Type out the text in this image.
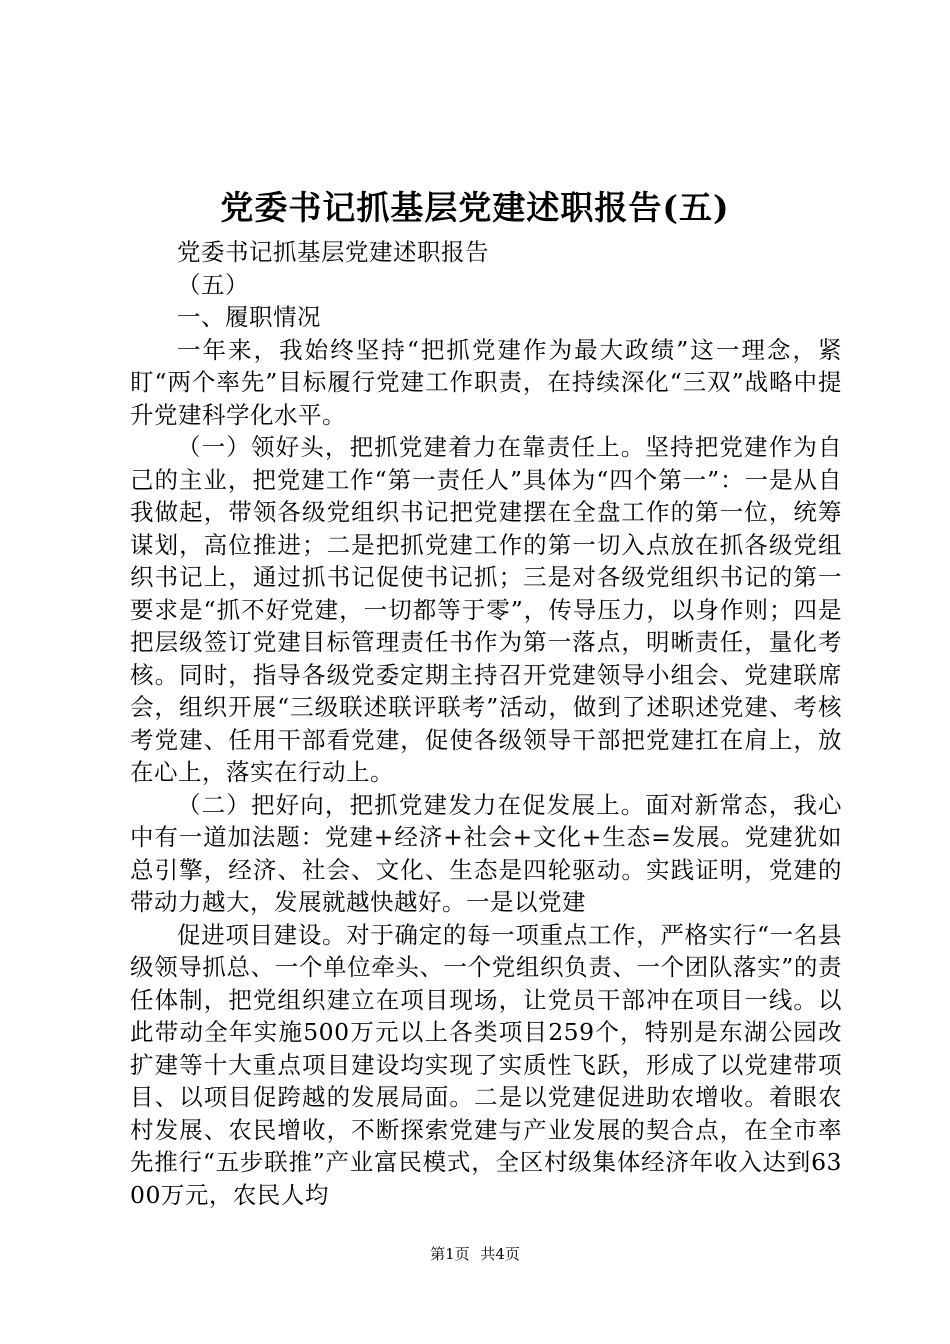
党委书记抓基层党建述职报告(五)

党委书记抓基层党建述职报告

（五）

一、履职情况

一年来，我始终坚持“把抓党建作为最大政绩”这一理念，紧盯“两个率先”目标履行党建工作职责，在持续深化“三双”战略中提升党建科学化水平。

（一）领好头，把抓党建着力在靠责任上。坚持把党建作为自己的主业，把党建工作“第一责任人”具体为“四个第一”：一是从自我做起，带领各级党组织书记把党建摆在全盘工作的第一位，统筹谋划，高位推进；二是把抓党建工作的第一切入点放在抓各级党组织书记上，通过抓书记促使书记抓；三是对各级党组织书记的第一要求是“抓不好党建，一切都等于零”，传导压力，以身作则；四是把层级签订党建目标管理责任书作为第一落点，明晰责任，量化考核。同时，指导各级党委定期主持召开党建领导小组会、党建联席会，组织开展“三级联述联评联考”活动，做到了述职述党建、考核考党建、任用干部看党建，促使各级领导干部把党建扛在肩上，放在心上，落实在行动上。

（二）把好向，把抓党建发力在促发展上。面对新常态，我心中有一道加法题：党建+经济+社会+文化+生态=发展。党建犹如总引擎，经济、社会、文化、生态是四轮驱动。实践证明，党建的带动力越大，发展就越快越好。一是以党建

促进项目建设。对于确定的每一项重点工作，严格实行“一名县级领导抓总、一个单位牵头、一个党组织负责、一个团队落实”的责任体制，把党组织建立在项目现场，让党员干部冲在项目一线。以此带动全年实施500万元以上各类项目259个，特别是东湖公园改扩建等十大重点项目建设均实现了实质性飞跃，形成了以党建带项目、以项目促跨越的发展局面。二是以党建促进助农增收。着眼农村发展、农民增收，不断探索党建与产业发展的契合点，在全市率先推行“五步联推”产业富民模式，全区村级集体经济年收入达到6300万元，农民人均

第1页 共4页
